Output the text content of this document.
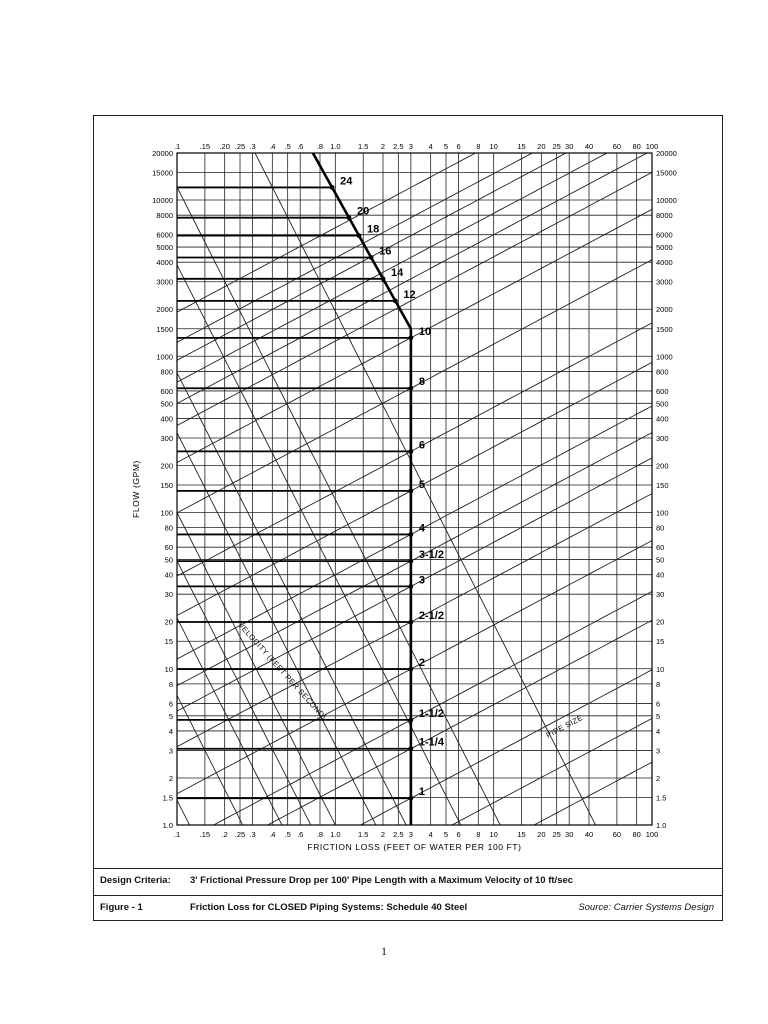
24
20
18
16
14
12
10
8
6
5
4
3-1/2
3
2-1/2
2
1-1/2
1-1/4
1
.1	.15 .2 .25 .3 .4 .5 .6 .8 1.0 1.5 2 2.5 3 4 5 6 8 10	15 20 25 30 40	60 80 100
.1	.15 .20 .25 .3 .4 .5 .6 .8 1.0 1.5 2 2.5 3 4 5 6 8 10	15 20 25 30 40	60 80 100
1.0	1.0
1.5	1.5
2	2
3	3
4	4
5	5
6	6
8	8
10	10
15	15
20	20
30	30
40	40
50	50
60	60
80	80
100	100
150	150
200	200
300	300
400	400
500	500
600	600
800	800
1000	1000
1500	1500
2000	2000
3000	3000
4000	4000
5000	5000
6000	6000
8000	8000
10000	10000
15000	15000
20000	20000
FRICTION LOSS (FEET OF WATER PER 100 FT)
FLOW (GPM)
VELOCITY (FEET PER SECOND)
PIPE SIZE
Design Criteria: 3' Frictional Pressure Drop per 100' Pipe Length with a Maximum Velocity of 10 ft/sec
Figure - 1	Friction Loss for CLOSED Piping Systems: Schedule 40 Steel	Source: Carrier Systems Design
1
